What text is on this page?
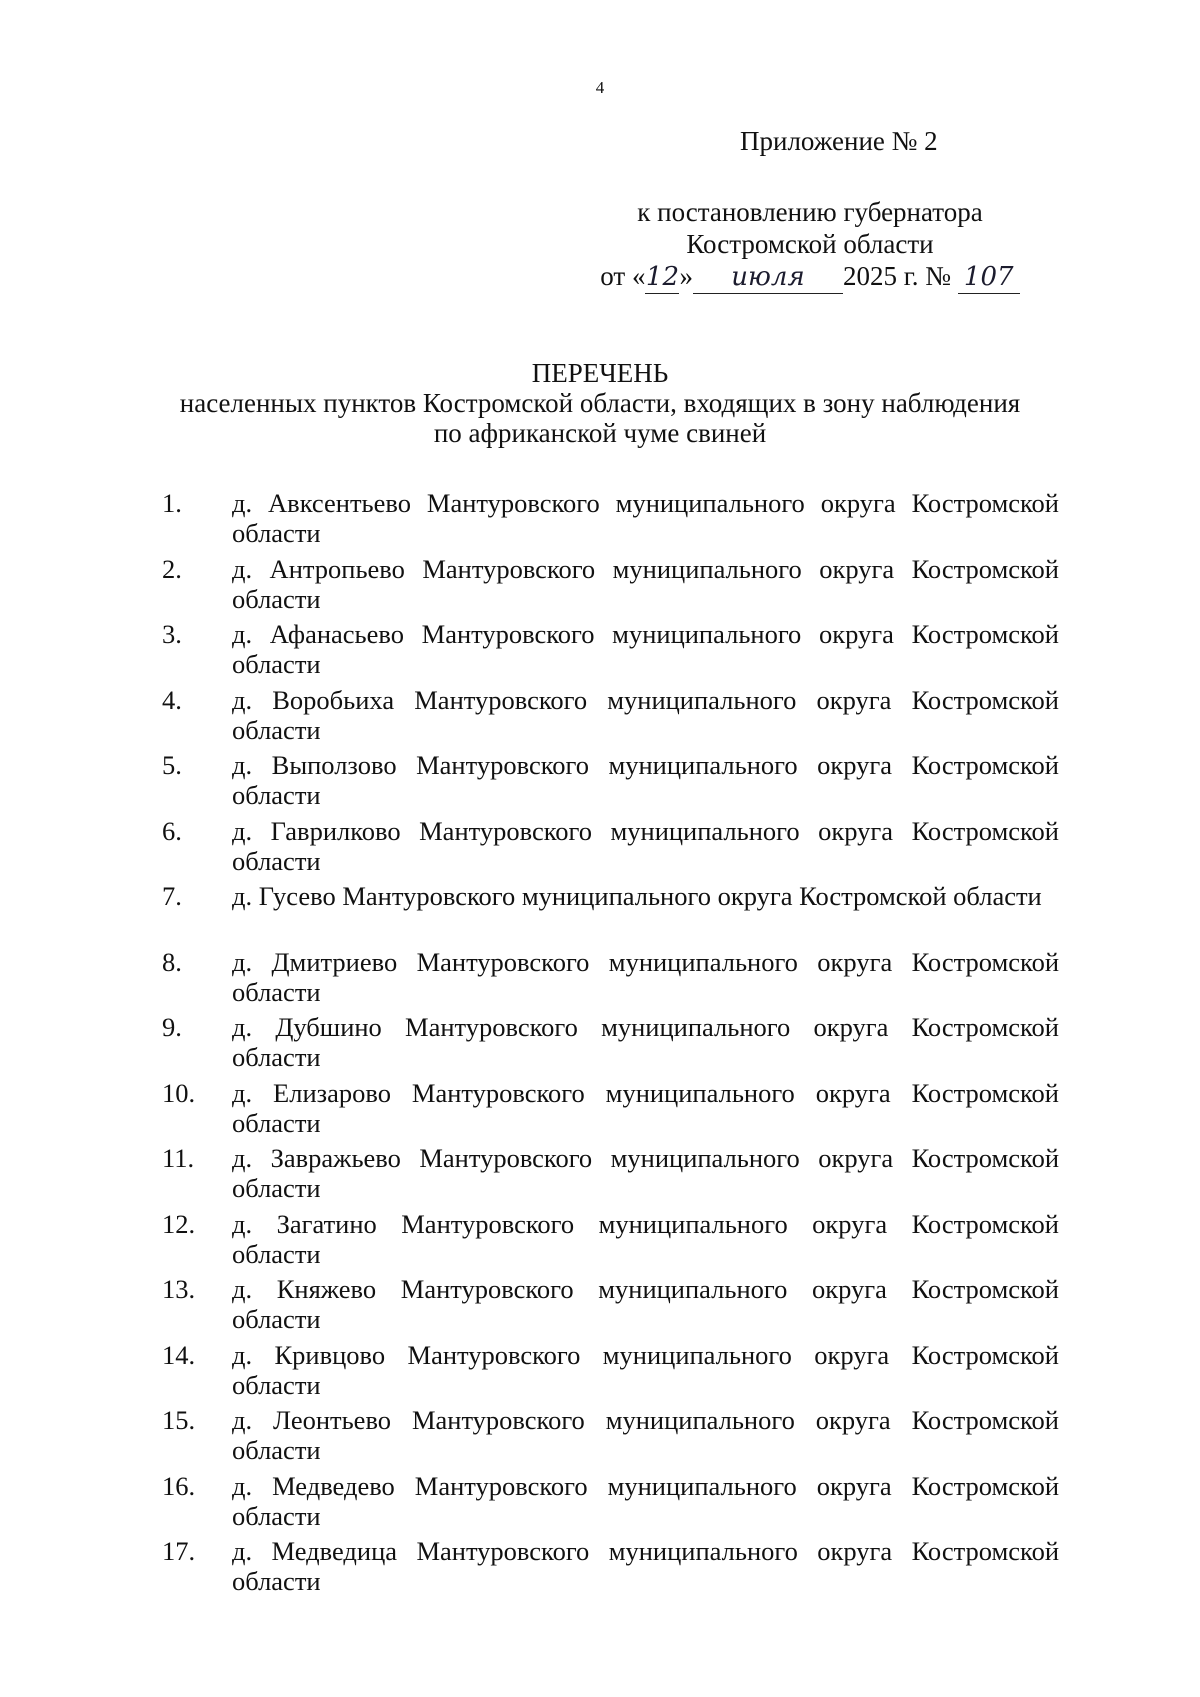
4
Приложение № 2
к постановлению губернатора
Костромской области
от «12» июля 2025 г. № 107
ПЕРЕЧЕНЬ
населенных пунктов Костромской области, входящих в зону наблюдения
по африканской чуме свиней
1. д. Авксентьево Мантуровского муниципального округа Костромской области
2. д. Антропьево Мантуровского муниципального округа Костромской области
3. д. Афанасьево Мантуровского муниципального округа Костромской области
4. д. Воробьиха Мантуровского муниципального округа Костромской области
5. д. Выползово Мантуровского муниципального округа Костромской области
6. д. Гаврилково Мантуровского муниципального округа Костромской области
7. д. Гусево Мантуровского муниципального округа Костромской области
8. д. Дмитриево Мантуровского муниципального округа Костромской области
9. д. Дубшино Мантуровского муниципального округа Костромской области
10. д. Елизарово Мантуровского муниципального округа Костромской области
11. д. Завражьево Мантуровского муниципального округа Костромской области
12. д. Загатино Мантуровского муниципального округа Костромской области
13. д. Княжево Мантуровского муниципального округа Костромской области
14. д. Кривцово Мантуровского муниципального округа Костромской области
15. д. Леонтьево Мантуровского муниципального округа Костромской области
16. д. Медведево Мантуровского муниципального округа Костромской области
17. д. Медведица Мантуровского муниципального округа Костромской области
